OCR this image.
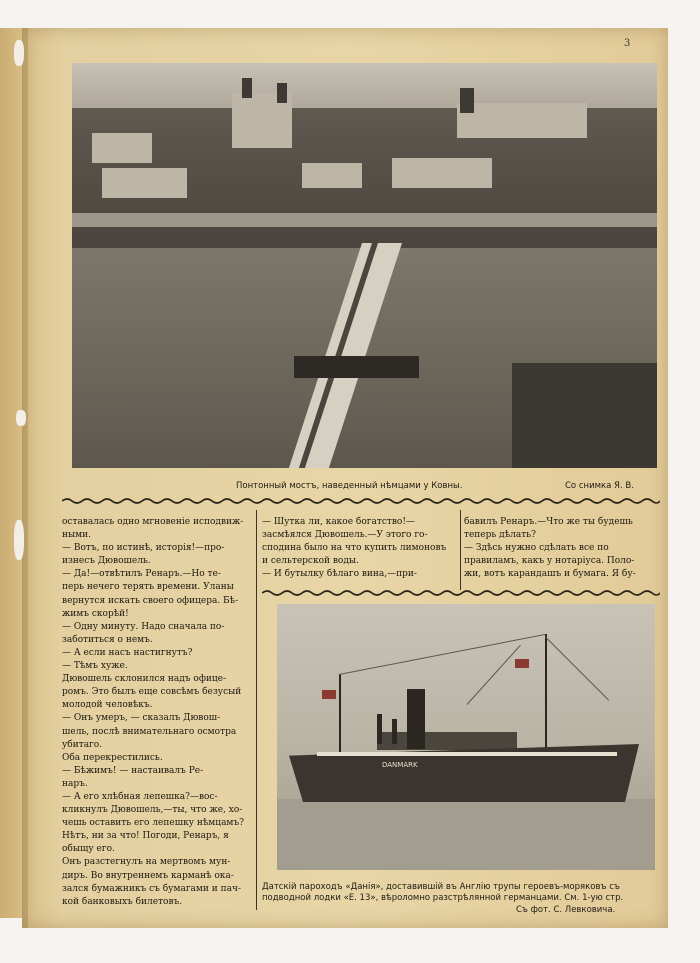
3
Понтонный мостъ, наведенный нѣмцами у Ковны.	Со снимка Я. В.
оставалась одно мгновеніе исподвиж-
ными.
— Вотъ, по истинѣ, исторія!—про-
изнесъ Дювошель.
— Да!—отвѣтилъ Ренаръ.—Но те-
перь нечего терять времени. Уланы
вернутся искать своего офицера. Бѣ-
жимъ скорѣй!
— Одну минуту. Надо сначала по-
заботиться о немъ.
— А если насъ настигнутъ?
— Тѣмъ хуже.
Дювошель склонился надъ офице-
ромъ. Это былъ еще совсѣмъ безусый
молодой человѣкъ.
— Онъ умеръ, — сказалъ Дювош-
шель, послѣ внимательнаго осмотра
убитаго.
Оба перекрестились.
— Бѣжимъ! — настаивалъ Ре-
наръ.
— А его хлѣбная лепешка?—вос-
кликнулъ Дювошель,—ты, что же, хо-
чешь оставить его лепешку нѣмцамъ?
Нѣтъ, ни за что! Погоди, Ренаръ, я
обыщу его.
Онъ разстегнулъ на мертвомъ мун-
диръ. Во внутреннемъ карманѣ ока-
зался бумажникъ съ бумагами и пач-
кой банковыхъ билетовъ.
— Шутка ли, какое богатство!—
засмѣялся Дювошель.—У этого го-
сподина было на что купить лимоновъ
и сельтерской воды.
— И бутылку бѣлаго вина,—при-
бавилъ Ренаръ.—Что же ты будешь
теперь дѣлать?
— Здѣсь нужно сдѣлать все по
правиламъ, какъ у нотаріуса. Поло-
жи, вотъ карандашъ и бумага. Я бу-
DANMARK
Датскій пароходъ «Данія», доставившій въ Англію трупы героевъ-моряковъ съ подводной лодки «Е. 13», вѣроломно разстрѣлянной германцами. См. 1-ую стр.
Съ фот. С. Левковича.
